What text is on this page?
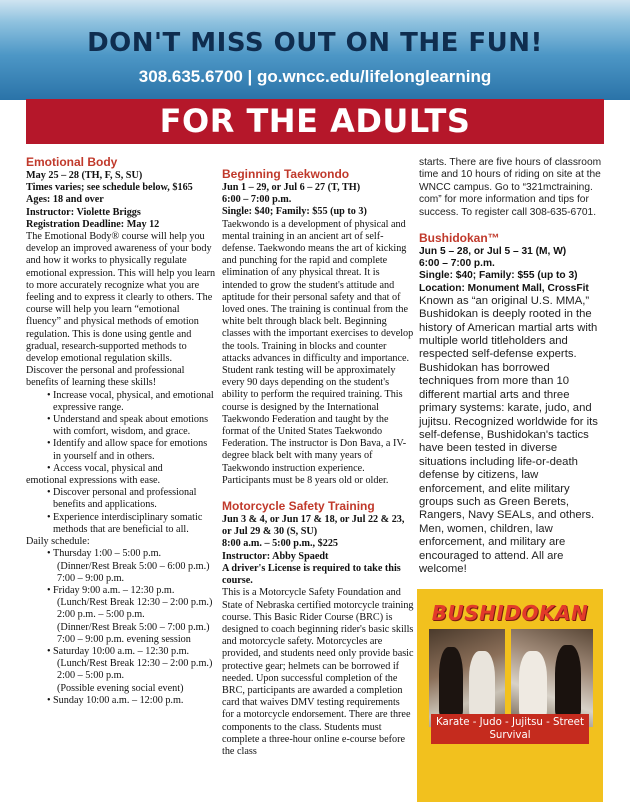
DON'T MISS OUT ON THE FUN!
308.635.6700 | go.wncc.edu/lifelonglearning
FOR THE ADULTS
Emotional Body
May 25 – 28 (TH, F, S, SU)
Times varies; see schedule below, $165
Ages: 18 and over
Instructor: Violette Briggs
Registration Deadline: May 12

The Emotional Body® course will help you develop an improved awareness of your body and how it works to physically regulate emotional expression. This will help you learn to more accurately recognize what you are feeling and to express it clearly to others. The course will help you learn “emotional fluency” and physical methods of emotion regulation. This is done using gentle and gradual, research-supported methods to develop emotional regulation skills.

Discover the personal and professional benefits of learning these skills!

• Increase vocal, physical, and emotional expressive range.
• Understand and speak about emotions with comfort, wisdom, and grace.
• Identify and allow space for emotions in yourself and in others.
• Access vocal, physical and
emotional expressions with ease.
• Discover personal and professional benefits and applications.
• Experience interdisciplinary somatic methods that are beneficial to all.
Daily schedule:
• Thursday 1:00 – 5:00 p.m.
(Dinner/Rest Break 5:00 – 6:00 p.m.)
7:00 – 9:00 p.m.
• Friday 9:00 a.m. – 12:30 p.m.
(Lunch/Rest Break 12:30 – 2:00 p.m.)
2:00 p.m. – 5:00 p.m.
(Dinner/Rest Break 5:00 – 7:00 p.m.)
7:00 – 9:00 p.m. evening session
• Saturday 10:00 a.m. – 12:30 p.m.
(Lunch/Rest Break 12:30 – 2:00 p.m.)
2:00 – 5:00 p.m.
(Possible evening social event)
• Sunday 10:00 a.m. – 12:00 p.m.
Beginning Taekwondo
Jun 1 – 29, or Jul 6 – 27 (T, TH)
6:00 – 7:00 p.m.
Single: $40; Family: $55 (up to 3)

Taekwondo is a development of physical and mental training in an ancient art of self-defense. Taekwondo means the art of kicking and punching for the rapid and complete elimination of any physical threat. It is intended to grow the student's attitude and aptitude for their personal safety and that of loved ones. The training is continual from the white belt through black belt. Beginning classes with the important exercises to develop the tools. Training in blocks and counter attacks advances in difficulty and importance. Student rank testing will be approximately every 90 days depending on the student's ability to perform the required training. This course is designed by the International Taekwondo Federation and taught by the format of the United States Taekwondo Federation. The instructor is Don Bava, a IV-degree black belt with many years of Taekwondo instruction experience. Participants must be 8 years old or older.

Motorcycle Safety Training
Jun 3 & 4, or Jun 17 & 18, or Jul 22 & 23, or Jul 29 & 30 (S, SU)
8:00 a.m. – 5:00 p.m., $225
Instructor: Abby Spaedt
A driver's License is required to take this course.

This is a Motorcycle Safety Foundation and State of Nebraska certified motorcycle training course. This Basic Rider Course (BRC) is designed to coach beginning rider's basic skills and motorcycle safety. Motorcycles are provided, and students need only provide basic protective gear; helmets can be borrowed if needed. Upon successful completion of the BRC, participants are awarded a completion card that waives DMV testing requirements for a motorcycle endorsement. There are three components to the class. Students must complete a three-hour online e-course before the class

starts. There are five hours of classroom time and 10 hours of riding on site at the WNCC campus. Go to “321mctraining. com” for more information and tips for success. To register call 308-635-6701.

Bushidokan™
Jun 5 – 28, or Jul 5 – 31 (M, W)
6:00 – 7:00 p.m.
Single: $40; Family: $55 (up to 3)
Location: Monument Mall, CrossFit

Known as “an original U.S. MMA,” Bushidokan is deeply rooted in the history of American martial arts with multiple world titleholders and respected self-defense experts. Bushidokan has borrowed techniques from more than 10 different martial arts and three primary systems: karate, judo, and jujitsu. Recognized worldwide for its self-defense, Bushidokan's tactics have been tested in diverse situations including life-or-death defense by citizens, law enforcement, and elite military groups such as Green Berets, Rangers, Navy SEALs, and others. Men, women, children, law enforcement, and military are encouraged to attend. All are welcome!

BUSHIDOKAN
Karate - Judo - Jujitsu - Street Survival
